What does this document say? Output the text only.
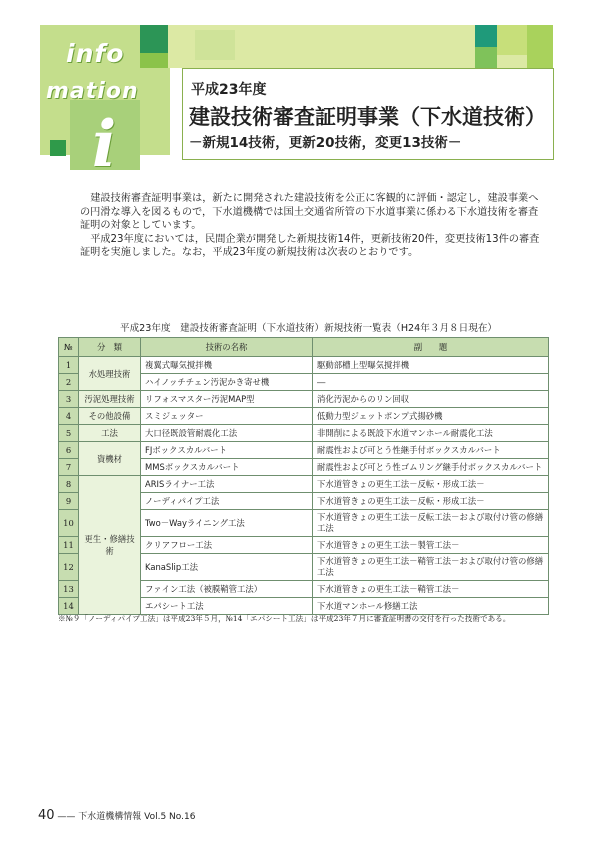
info
mation
i
平成23年度
建設技術審査証明事業（下水道技術）
－新規14技術，更新20技術，変更13技術－

建設技術審査証明事業は，新たに開発された建設技術を公正に客観的に評価・認定し，建設事業への円滑な導入を図るもので，下水道機構では国土交通省所管の下水道事業に係わる下水道技術を審査証明の対象としています。

平成23年度においては，民間企業が開発した新規技術14件，更新技術20件，変更技術13件の審査証明を実施しました。なお，平成23年度の新規技術は次表のとおりです。

平成23年度　建設技術審査証明（下水道技術）新規技術一覧表（H24年３月８日現在）
№	分　類	技術の名称	副　　題
1	水処理技術	複翼式曝気撹拌機	駆動部槽上型曝気撹拌機
2		ハイノッチチェン汚泥かき寄せ機	―
3	汚泥処理技術	リフォスマスター汚泥MAP型	消化汚泥からのリン回収
4	その他設備	スミジェッター	低動力型ジェットポンプ式揚砂機
5	工法	大口径既設管耐震化工法	非開削による既設下水道マンホール耐震化工法
6	資機材	FJボックスカルバート	耐震性および可とう性継手付ボックスカルバート
7		MMSボックスカルバート	耐震性および可とう性ゴムリング継手付ボックスカルバート
8	更生・修繕技術	ARISライナー工法	下水道管きょの更生工法－反転・形成工法－
9		ノーディパイプ工法	下水道管きょの更生工法－反転・形成工法－
10		Two－Wayライニング工法	下水道管きょの更生工法－反転工法－および取付け管の修繕工法
11		クリアフロー工法	下水道管きょの更生工法－製管工法－
12		KanaSlip工法	下水道管きょの更生工法－鞘管工法－および取付け管の修繕工法
13		ファイン工法（被膜鞘管工法）	下水道管きょの更生工法－鞘管工法－
14		エパシート工法	下水道マンホール修繕工法
※№９「ノーディパイプ工法」は平成23年５月，№14「エパシート工法」は平成23年７月に審査証明書の交付を行った技術である。
40 —— 下水道機構情報 Vol.5 No.16
